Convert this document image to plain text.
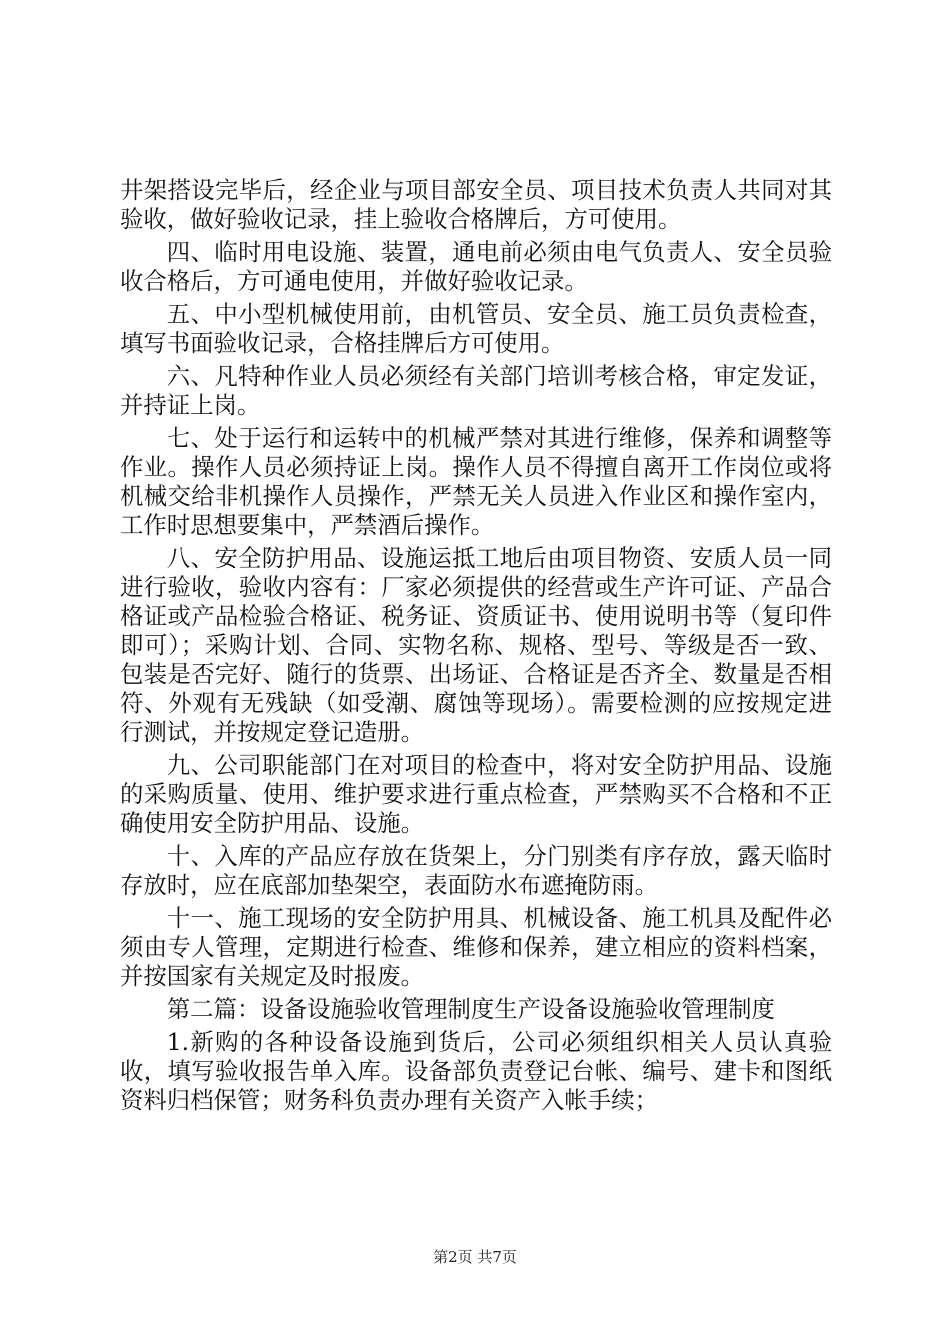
井架搭设完毕后，经企业与项目部安全员、项目技术负责人共同对其验收，做好验收记录，挂上验收合格牌后，方可使用。

四、临时用电设施、装置，通电前必须由电气负责人、安全员验收合格后，方可通电使用，并做好验收记录。

五、中小型机械使用前，由机管员、安全员、施工员负责检查，填写书面验收记录，合格挂牌后方可使用。

六、凡特种作业人员必须经有关部门培训考核合格，审定发证，并持证上岗。

七、处于运行和运转中的机械严禁对其进行维修，保养和调整等作业。操作人员必须持证上岗。操作人员不得擅自离开工作岗位或将机械交给非机操作人员操作，严禁无关人员进入作业区和操作室内，工作时思想要集中，严禁酒后操作。

八、安全防护用品、设施运抵工地后由项目物资、安质人员一同进行验收，验收内容有：厂家必须提供的经营或生产许可证、产品合格证或产品检验合格证、税务证、资质证书、使用说明书等（复印件即可）；采购计划、合同、实物名称、规格、型号、等级是否一致、包装是否完好、随行的货票、出场证、合格证是否齐全、数量是否相符、外观有无残缺（如受潮、腐蚀等现场）。需要检测的应按规定进行测试，并按规定登记造册。

九、公司职能部门在对项目的检查中，将对安全防护用品、设施的采购质量、使用、维护要求进行重点检查，严禁购买不合格和不正确使用安全防护用品、设施。

十、入库的产品应存放在货架上，分门别类有序存放，露天临时存放时，应在底部加垫架空，表面防水布遮掩防雨。

十一、施工现场的安全防护用具、机械设备、施工机具及配件必须由专人管理，定期进行检查、维修和保养，建立相应的资料档案，并按国家有关规定及时报废。

第二篇：设备设施验收管理制度生产设备设施验收管理制度

1.新购的各种设备设施到货后，公司必须组织相关人员认真验收，填写验收报告单入库。设备部负责登记台帐、编号、建卡和图纸资料归档保管；财务科负责办理有关资产入帐手续；

第2页 共7页
